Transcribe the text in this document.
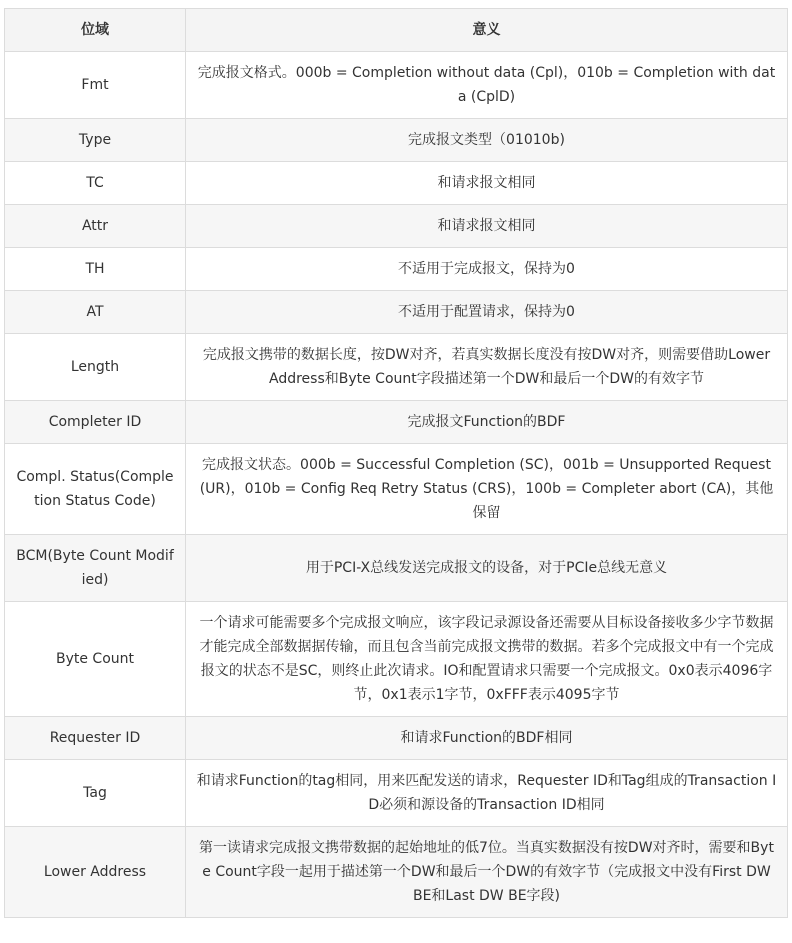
位域	意义
Fmt	完成报文格式。000b = Completion without data (Cpl)，010b = Completion with data (CplD)
Type	完成报文类型（01010b)
TC	和请求报文相同
Attr	和请求报文相同
TH	不适用于完成报文，保持为0
AT	不适用于配置请求，保持为0
Length	完成报文携带的数据长度，按DW对齐，若真实数据长度没有按DW对齐，则需要借助Lower Address和Byte Count字段描述第一个DW和最后一个DW的有效字节
Completer ID	完成报文Function的BDF
Compl. Status(Completion Status Code)	完成报文状态。000b = Successful Completion (SC)，001b = Unsupported Request (UR)，010b = Config Req Retry Status (CRS)，100b = Completer abort (CA)，其他保留
BCM(Byte Count Modified)	用于PCI-X总线发送完成报文的设备，对于PCIe总线无意义
Byte Count	一个请求可能需要多个完成报文响应，该字段记录源设备还需要从目标设备接收多少字节数据才能完成全部数据据传输，而且包含当前完成报文携带的数据。若多个完成报文中有一个完成报文的状态不是SC，则终止此次请求。IO和配置请求只需要一个完成报文。0x0表示4096字节，0x1表示1字节，0xFFF表示4095字节
Requester ID	和请求Function的BDF相同
Tag	和请求Function的tag相同，用来匹配发送的请求，Requester ID和Tag组成的Transaction ID必须和源设备的Transaction ID相同
Lower Address	第一读请求完成报文携带数据的起始地址的低7位。当真实数据没有按DW对齐时，需要和Byte Count字段一起用于描述第一个DW和最后一个DW的有效字节（完成报文中没有First DW BE和Last DW BE字段)
